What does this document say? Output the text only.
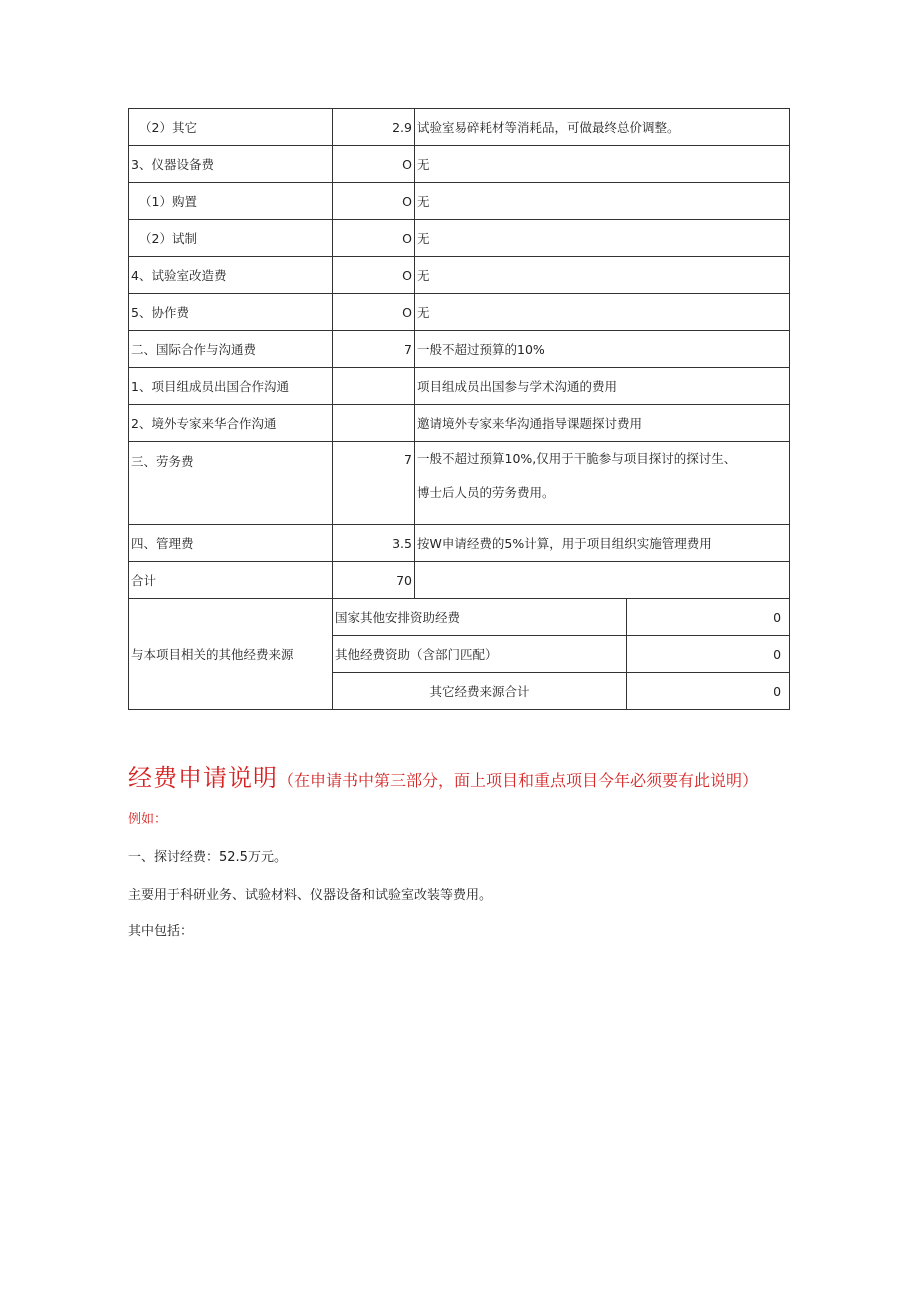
（2）其它	2.9	试验室易碎耗材等消耗品，可做最终总价调整。	
3、仪器设备费	O	无	
（1）购置	O	无	
（2）试制	O	无	
4、试验室改造费	O	无	
5、协作费	O	无	
二、国际合作与沟通费	7	一般不超过预算的10%	
1、项目组成员出国合作沟通		项目组成员出国参与学术沟通的费用	
2、境外专家来华合作沟通		邀请境外专家来华沟通指导课题探讨费用	
三、劳务费	7	一般不超过预算10%,仅用于干脆参与项目探讨的探讨生、
博士后人员的劳务费用。	

四、管理费	3.5	按W申请经费的5%计算，用于项目组织实施管理费用	
合计	70		
与本项目相关的其他经费来源	国家其他安排资助经费		0
	其他经费资助（含部门匹配）		0
	其它经费来源合计		0
经费申请说明（在申请书中第三部分，面上项目和重点项目今年必须要有此说明）
例如：
一、探讨经费：52.5万元。
主要用于科研业务、试验材料、仪器设备和试验室改装等费用。
其中包括：
